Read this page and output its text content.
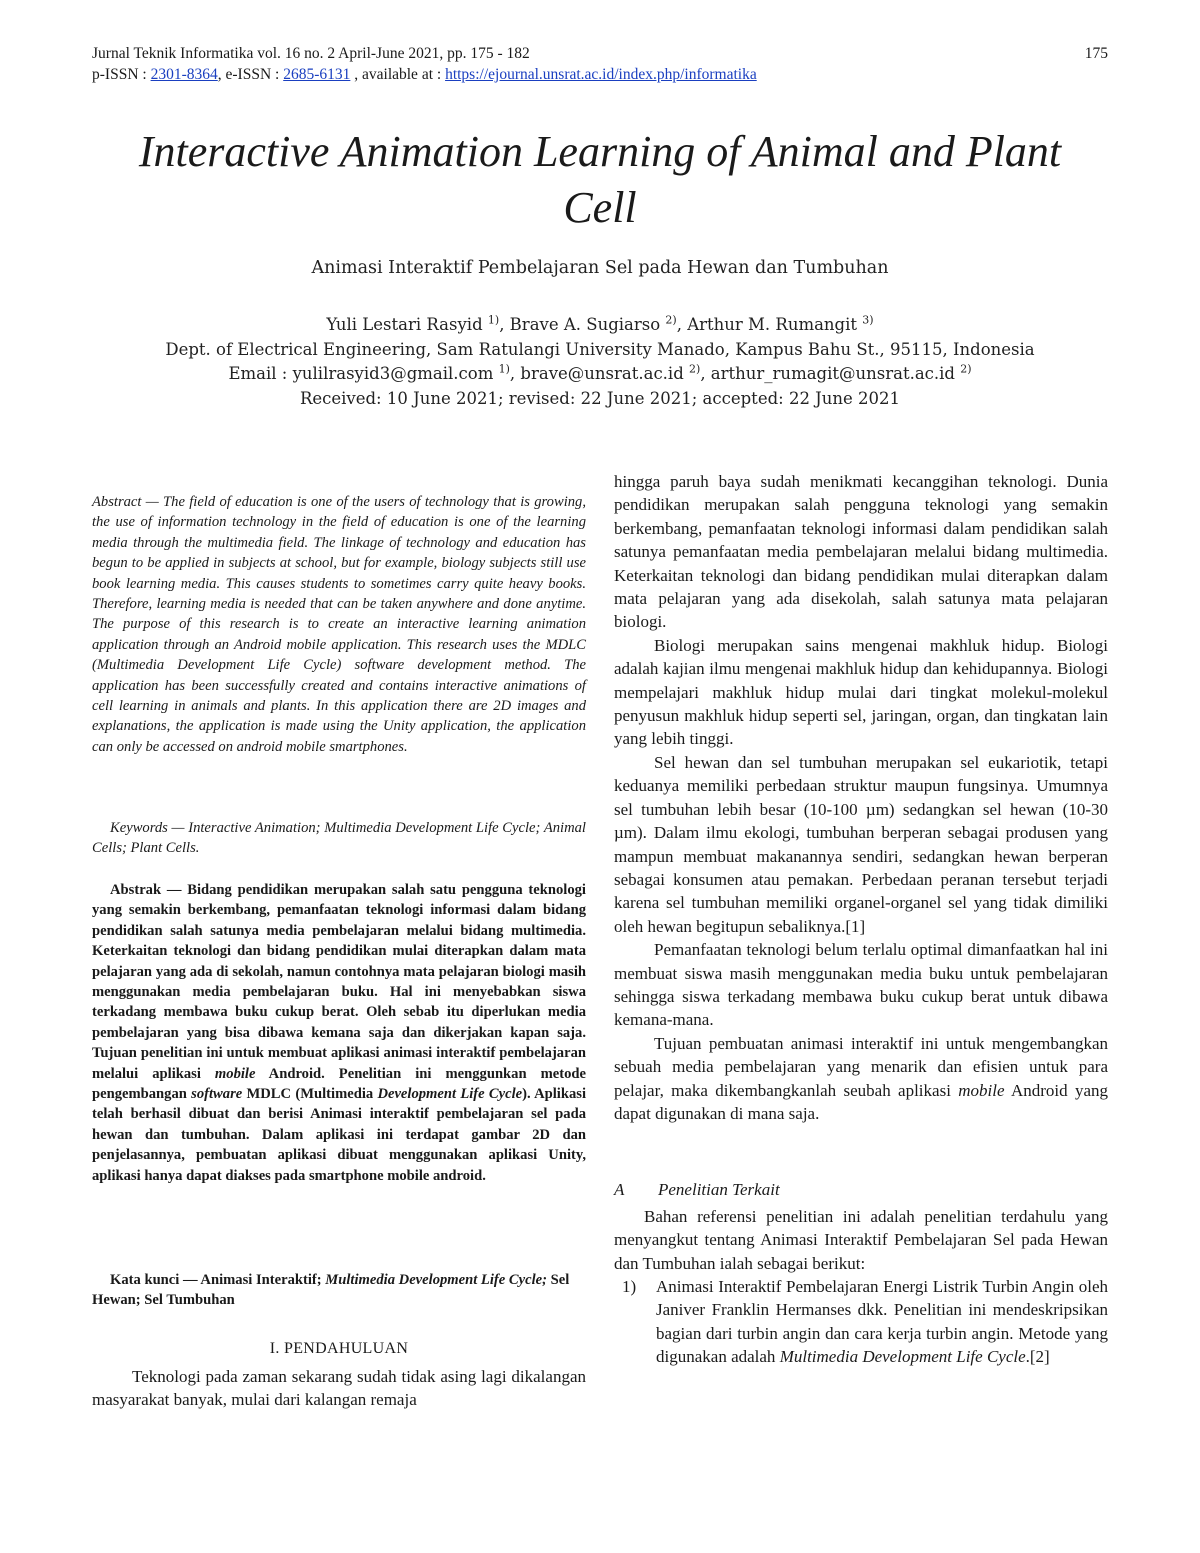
Jurnal Teknik Informatika vol. 16 no. 2 April-June 2021, pp. 175 - 182	175
p-ISSN : 2301-8364, e-ISSN : 2685-6131 , available at : https://ejournal.unsrat.ac.id/index.php/informatika
Interactive Animation Learning of Animal and Plant Cell
Animasi Interaktif Pembelajaran Sel pada Hewan dan Tumbuhan
Yuli Lestari Rasyid $^{1)}$, Brave A. Sugiarso $^{2)}$, Arthur M. Rumangit $^{3)}$
Dept. of Electrical Engineering, Sam Ratulangi University Manado, Kampus Bahu St., 95115, Indonesia
Email : yulilrasyid3@gmail.com $^{1)}$, brave@unsrat.ac.id $^{2)}$, arthur_rumagit@unsrat.ac.id $^{2)}$
Received: 10 June 2021; revised: 22 June 2021; accepted: 22 June 2021
Abstract — The field of education is one of the users of technology that is growing, the use of information technology in the field of education is one of the learning media through the multimedia field. The linkage of technology and education has begun to be applied in subjects at school, but for example, biology subjects still use book learning media. This causes students to sometimes carry quite heavy books. Therefore, learning media is needed that can be taken anywhere and done anytime. The purpose of this research is to create an interactive learning animation application through an Android mobile application. This research uses the MDLC (Multimedia Development Life Cycle) software development method. The application has been successfully created and contains interactive animations of cell learning in animals and plants. In this application there are 2D images and explanations, the application is made using the Unity application, the application can only be accessed on android mobile smartphones.
Keywords — Interactive Animation; Multimedia Development Life Cycle; Animal Cells; Plant Cells.
Abstrak — Bidang pendidikan merupakan salah satu pengguna teknologi yang semakin berkembang, pemanfaatan teknologi informasi dalam bidang pendidikan salah satunya media pembelajaran melalui bidang multimedia. Keterkaitan teknologi dan bidang pendidikan mulai diterapkan dalam mata pelajaran yang ada di sekolah, namun contohnya mata pelajaran biologi masih menggunakan media pembelajaran buku. Hal ini menyebabkan siswa terkadang membawa buku cukup berat. Oleh sebab itu diperlukan media pembelajaran yang bisa dibawa kemana saja dan dikerjakan kapan saja. Tujuan penelitian ini untuk membuat aplikasi animasi interaktif pembelajaran melalui aplikasi mobile Android. Penelitian ini menggunkan metode pengembangan software MDLC (Multimedia Development Life Cycle). Aplikasi telah berhasil dibuat dan berisi Animasi interaktif pembelajaran sel pada hewan dan tumbuhan. Dalam aplikasi ini terdapat gambar 2D dan penjelasannya, pembuatan aplikasi dibuat menggunakan aplikasi Unity, aplikasi hanya dapat diakses pada smartphone mobile android.
Kata kunci — Animasi Interaktif; Multimedia Development Life Cycle; Sel Hewan; Sel Tumbuhan
I. PENDAHULUAN
Teknologi pada zaman sekarang sudah tidak asing lagi dikalangan masyarakat banyak, mulai dari kalangan remaja

hingga paruh baya sudah menikmati kecanggihan teknologi. Dunia pendidikan merupakan salah pengguna teknologi yang semakin berkembang, pemanfaatan teknologi informasi dalam pendidikan salah satunya pemanfaatan media pembelajaran melalui bidang multimedia. Keterkaitan teknologi dan bidang pendidikan mulai diterapkan dalam mata pelajaran yang ada disekolah, salah satunya mata pelajaran biologi.

Biologi merupakan sains mengenai makhluk hidup. Biologi adalah kajian ilmu mengenai makhluk hidup dan kehidupannya. Biologi mempelajari makhluk hidup mulai dari tingkat molekul-molekul penyusun makhluk hidup seperti sel, jaringan, organ, dan tingkatan lain yang lebih tinggi.

Sel hewan dan sel tumbuhan merupakan sel eukariotik, tetapi keduanya memiliki perbedaan struktur maupun fungsinya. Umumnya sel tumbuhan lebih besar (10-100 µm) sedangkan sel hewan (10-30 µm). Dalam ilmu ekologi, tumbuhan berperan sebagai produsen yang mampun membuat makanannya sendiri, sedangkan hewan berperan sebagai konsumen atau pemakan. Perbedaan peranan tersebut terjadi karena sel tumbuhan memiliki organel-organel sel yang tidak dimiliki oleh hewan begitupun sebaliknya.[1]

Pemanfaatan teknologi belum terlalu optimal dimanfaatkan hal ini membuat siswa masih menggunakan media buku untuk pembelajaran sehingga siswa terkadang membawa buku cukup berat untuk dibawa kemana-mana.

Tujuan pembuatan animasi interaktif ini untuk mengembangkan sebuah media pembelajaran yang menarik dan efisien untuk para pelajar, maka dikembangkanlah seubah aplikasi mobile Android yang dapat digunakan di mana saja.

A Penelitian Terkait
Bahan referensi penelitian ini adalah penelitian terdahulu yang menyangkut tentang Animasi Interaktif Pembelajaran Sel pada Hewan dan Tumbuhan ialah sebagai berikut:
1) Animasi Interaktif Pembelajaran Energi Listrik Turbin Angin oleh Janiver Franklin Hermanses dkk. Penelitian ini mendeskripsikan bagian dari turbin angin dan cara kerja turbin angin. Metode yang digunakan adalah Multimedia Development Life Cycle.[2]
